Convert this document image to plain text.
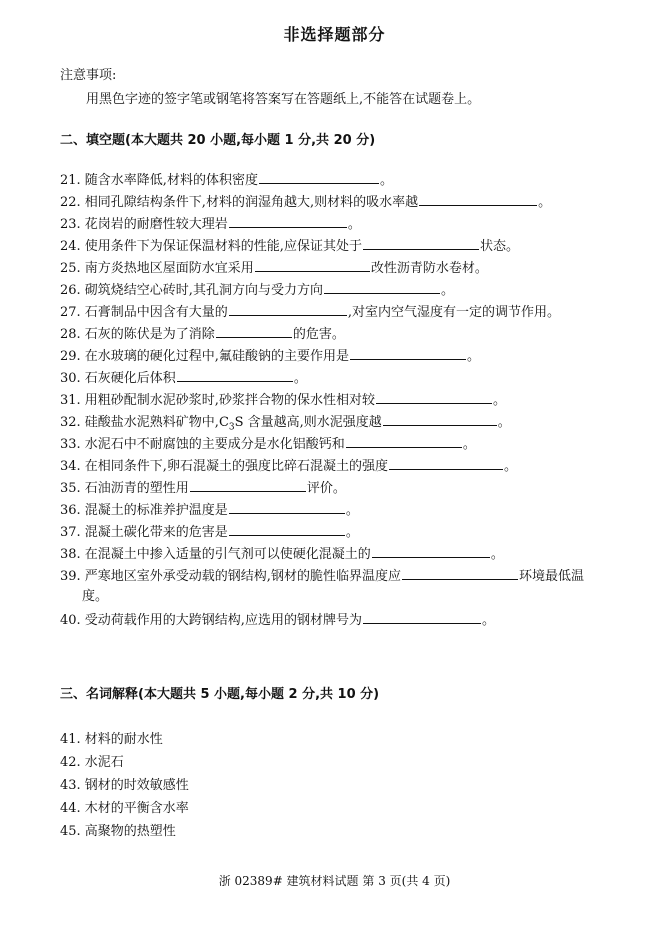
非选择题部分
注意事项:
用黑色字迹的签字笔或钢笔将答案写在答题纸上,不能答在试题卷上。
二、填空题(本大题共 20 小题,每小题 1 分,共 20 分)
21. 随含水率降低,材料的体积密度	。
22. 相同孔隙结构条件下,材料的润湿角越大,则材料的吸水率越	。
23. 花岗岩的耐磨性较大理岩	。
24. 使用条件下为保证保温材料的性能,应保证其处于	状态。
25. 南方炎热地区屋面防水宜采用	改性沥青防水卷材。
26. 砌筑烧结空心砖时,其孔洞方向与受力方向	。
27. 石膏制品中因含有大量的	,对室内空气湿度有一定的调节作用。
28. 石灰的陈伏是为了消除	的危害。
29. 在水玻璃的硬化过程中,氟硅酸钠的主要作用是	。
30. 石灰硬化后体积	。
31. 用粗砂配制水泥砂浆时,砂浆拌合物的保水性相对较	。
32. 硅酸盐水泥熟料矿物中$,C_3S$ 含量越高,则水泥强度越	。
33. 水泥石中不耐腐蚀的主要成分是水化铝酸钙和	。
34. 在相同条件下,卵石混凝土的强度比碎石混凝土的强度	。
35. 石油沥青的塑性用	评价。
36. 混凝土的标准养护温度是	。
37. 混凝土碳化带来的危害是	。
38. 在混凝土中掺入适量的引气剂可以使硬化混凝土的	。
39. 严寒地区室外承受动载的钢结构,钢材的脆性临界温度应	环境最低温
度。
40. 受动荷载作用的大跨钢结构,应选用的钢材牌号为	。
三、名词解释(本大题共 5 小题,每小题 2 分,共 10 分)
41. 材料的耐水性
42. 水泥石
43. 钢材的时效敏感性
44. 木材的平衡含水率
45. 高聚物的热塑性
浙 02389# 建筑材料试题 第 3 页(共 4 页)
